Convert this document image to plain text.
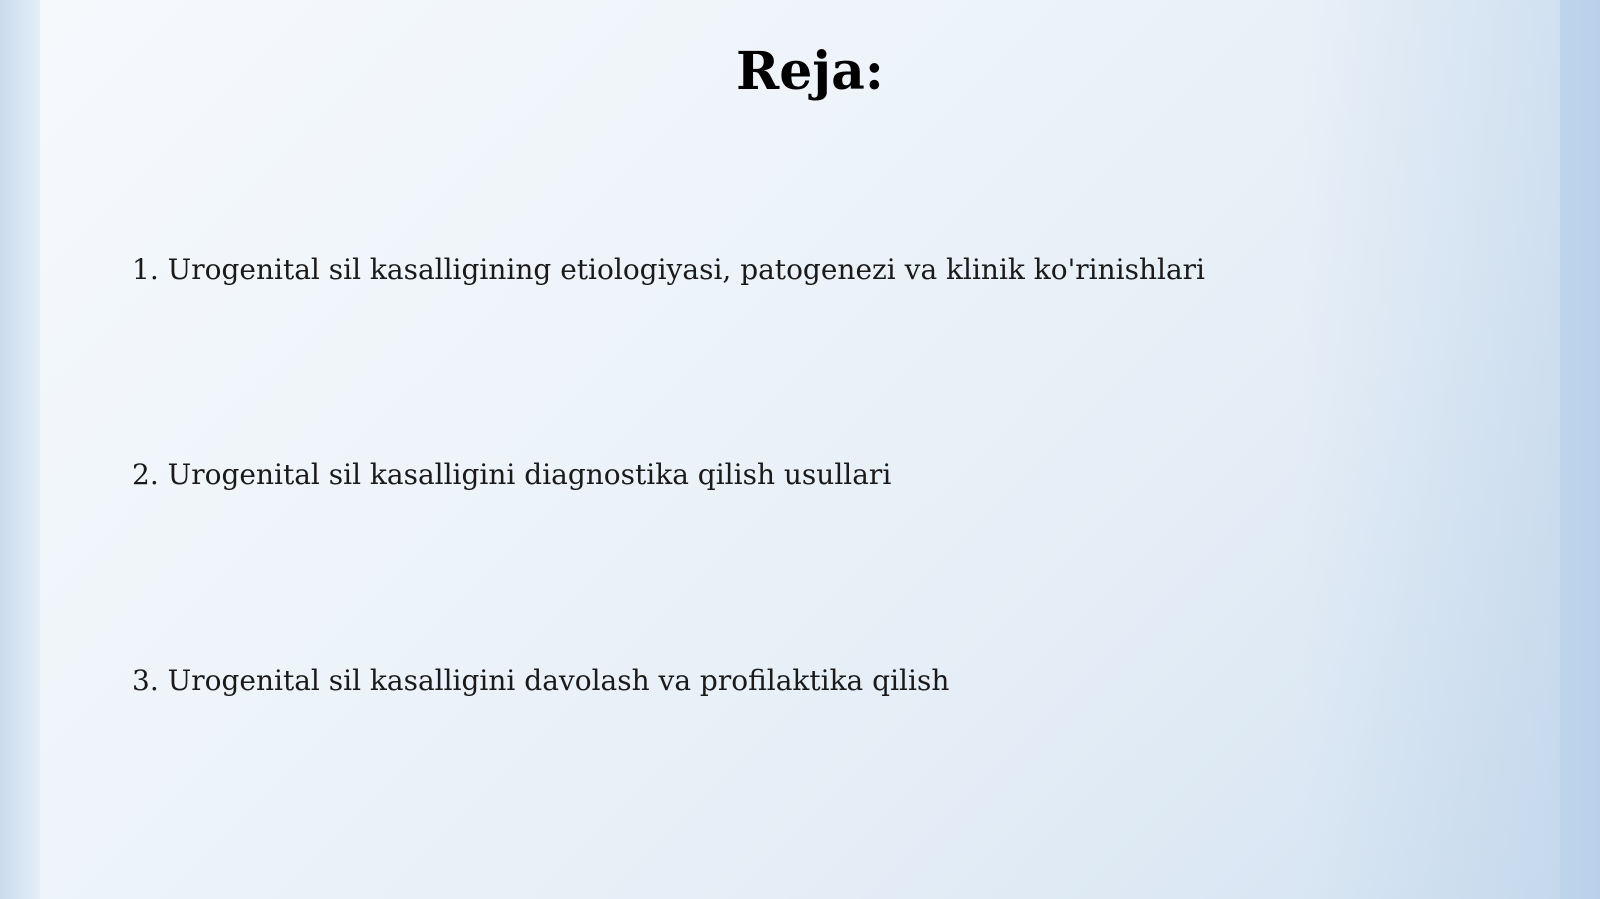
Reja:
1. Urogenital sil kasalligining etiologiyasi, patogenezi va klinik ko'rinishlari
2. Urogenital sil kasalligini diagnostika qilish usullari
3. Urogenital sil kasalligini davolash va profilaktika qilish
